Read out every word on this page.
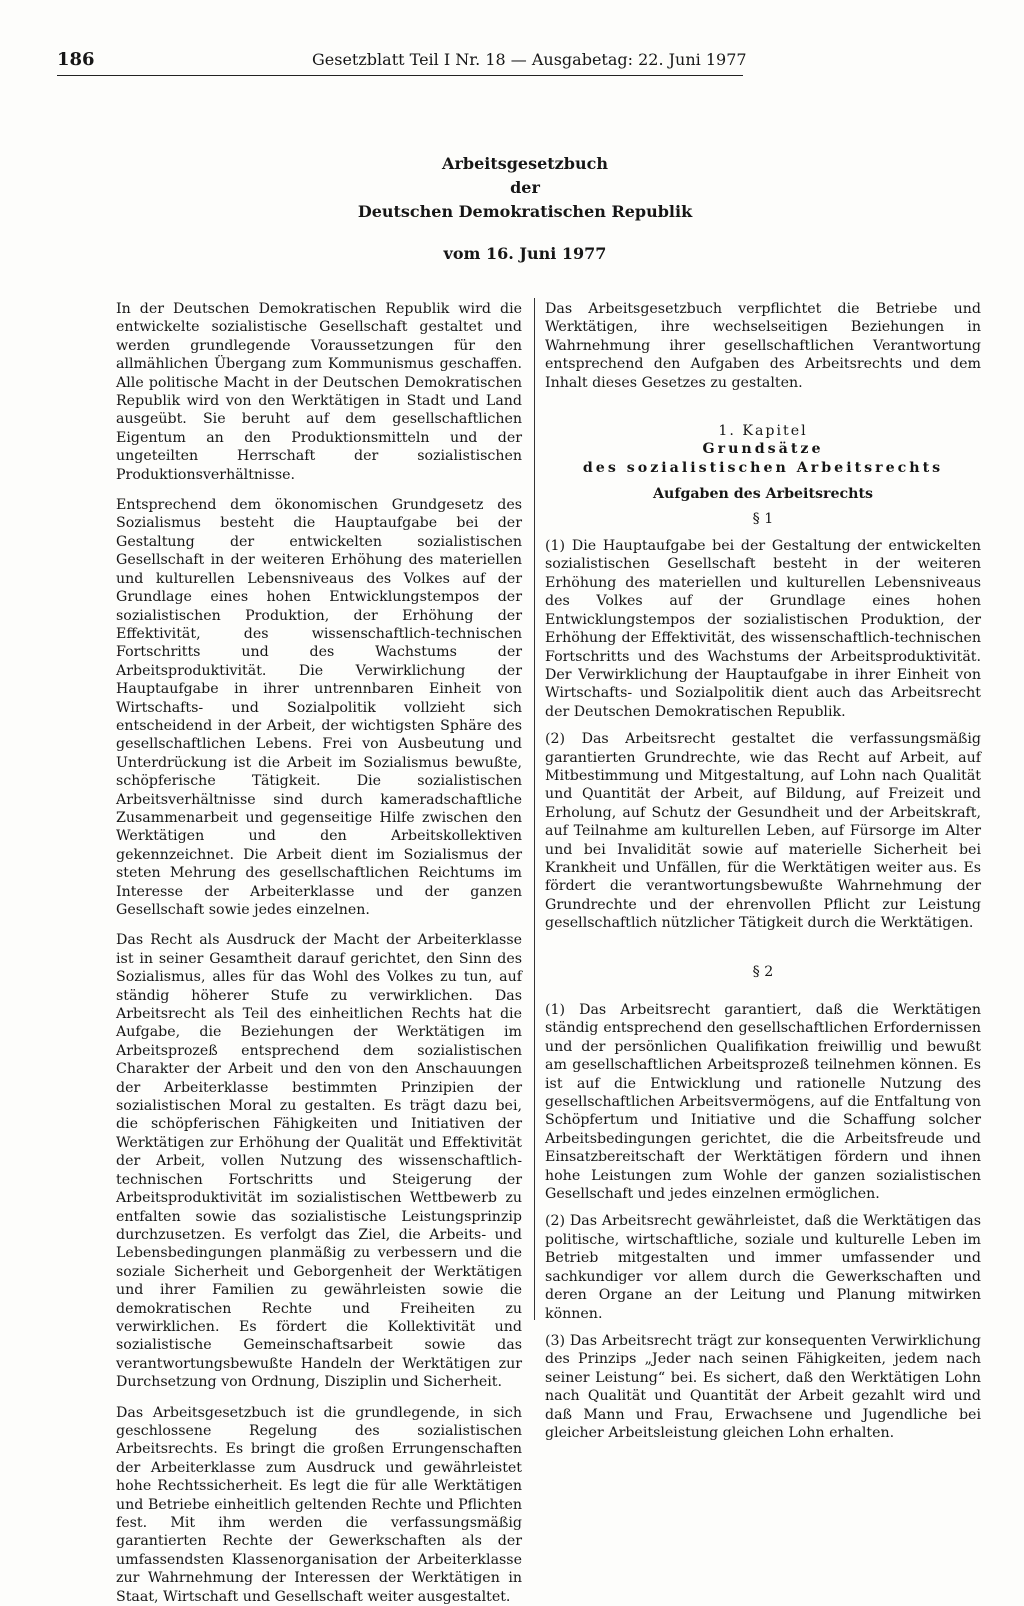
186	Gesetzblatt Teil I Nr. 18 — Ausgabetag: 22. Juni 1977
Arbeitsgesetzbuch
der
Deutschen Demokratischen Republik
vom 16. Juni 1977

In der Deutschen Demokratischen Republik wird die entwickelte sozialistische Gesellschaft gestaltet und werden grundlegende Voraussetzungen für den allmählichen Übergang zum Kommunismus geschaffen. Alle politische Macht in der Deutschen Demokratischen Republik wird von den Werktätigen in Stadt und Land ausgeübt. Sie beruht auf dem gesellschaftlichen Eigentum an den Produktionsmitteln und der ungeteilten Herrschaft der sozialistischen Produktionsverhältnisse.

Entsprechend dem ökonomischen Grundgesetz des Sozialismus besteht die Hauptaufgabe bei der Gestaltung der entwickelten sozialistischen Gesellschaft in der weiteren Erhöhung des materiellen und kulturellen Lebensniveaus des Volkes auf der Grundlage eines hohen Entwicklungstempos der sozialistischen Produktion, der Erhöhung der Effektivität, des wissenschaftlich-technischen Fortschritts und des Wachstums der Arbeitsproduktivität. Die Verwirklichung der Hauptaufgabe in ihrer untrennbaren Einheit von Wirtschafts- und Sozialpolitik vollzieht sich entscheidend in der Arbeit, der wichtigsten Sphäre des gesellschaftlichen Lebens. Frei von Ausbeutung und Unterdrückung ist die Arbeit im Sozialismus bewußte, schöpferische Tätigkeit. Die sozialistischen Arbeitsverhältnisse sind durch kameradschaftliche Zusammenarbeit und gegenseitige Hilfe zwischen den Werktätigen und den Arbeitskollektiven gekennzeichnet. Die Arbeit dient im Sozialismus der steten Mehrung des gesellschaftlichen Reichtums im Interesse der Arbeiterklasse und der ganzen Gesellschaft sowie jedes einzelnen.

Das Recht als Ausdruck der Macht der Arbeiterklasse ist in seiner Gesamtheit darauf gerichtet, den Sinn des Sozialismus, alles für das Wohl des Volkes zu tun, auf ständig höherer Stufe zu verwirklichen. Das Arbeitsrecht als Teil des einheitlichen Rechts hat die Aufgabe, die Beziehungen der Werktätigen im Arbeitsprozeß entsprechend dem sozialistischen Charakter der Arbeit und den von den Anschauungen der Arbeiterklasse bestimmten Prinzipien der sozialistischen Moral zu gestalten. Es trägt dazu bei, die schöpferischen Fähigkeiten und Initiativen der Werktätigen zur Erhöhung der Qualität und Effektivität der Arbeit, vollen Nutzung des wissenschaftlich-technischen Fortschritts und Steigerung der Arbeitsproduktivität im sozialistischen Wettbewerb zu entfalten sowie das sozialistische Leistungsprinzip durchzusetzen. Es verfolgt das Ziel, die Arbeits- und Lebensbedingungen planmäßig zu verbessern und die soziale Sicherheit und Geborgenheit der Werktätigen und ihrer Familien zu gewährleisten sowie die demokratischen Rechte und Freiheiten zu verwirklichen. Es fördert die Kollektivität und sozialistische Gemeinschaftsarbeit sowie das verantwortungsbewußte Handeln der Werktätigen zur Durchsetzung von Ordnung, Disziplin und Sicherheit.

Das Arbeitsgesetzbuch ist die grundlegende, in sich geschlossene Regelung des sozialistischen Arbeitsrechts. Es bringt die großen Errungenschaften der Arbeiterklasse zum Ausdruck und gewährleistet hohe Rechtssicherheit. Es legt die für alle Werktätigen und Betriebe einheitlich geltenden Rechte und Pflichten fest. Mit ihm werden die verfassungsmäßig garantierten Rechte der Gewerkschaften als der umfassendsten Klassenorganisation der Arbeiterklasse zur Wahrnehmung der Interessen der Werktätigen in Staat, Wirtschaft und Gesellschaft weiter ausgestaltet.

Das Arbeitsgesetzbuch verpflichtet die Betriebe und Werktätigen, ihre wechselseitigen Beziehungen in Wahrnehmung ihrer gesellschaftlichen Verantwortung entsprechend den Aufgaben des Arbeitsrechts und dem Inhalt dieses Gesetzes zu gestalten.

1. Kapitel

Grundsätze

des sozialistischen Arbeitsrechts

Aufgaben des Arbeitsrechts

§ 1

(1) Die Hauptaufgabe bei der Gestaltung der entwickelten sozialistischen Gesellschaft besteht in der weiteren Erhöhung des materiellen und kulturellen Lebensniveaus des Volkes auf der Grundlage eines hohen Entwicklungstempos der sozialistischen Produktion, der Erhöhung der Effektivität, des wissenschaftlich-technischen Fortschritts und des Wachstums der Arbeitsproduktivität. Der Verwirklichung der Hauptaufgabe in ihrer Einheit von Wirtschafts- und Sozialpolitik dient auch das Arbeitsrecht der Deutschen Demokratischen Republik.

(2) Das Arbeitsrecht gestaltet die verfassungsmäßig garantierten Grundrechte, wie das Recht auf Arbeit, auf Mitbestimmung und Mitgestaltung, auf Lohn nach Qualität und Quantität der Arbeit, auf Bildung, auf Freizeit und Erholung, auf Schutz der Gesundheit und der Arbeitskraft, auf Teilnahme am kulturellen Leben, auf Fürsorge im Alter und bei Invalidität sowie auf materielle Sicherheit bei Krankheit und Unfällen, für die Werktätigen weiter aus. Es fördert die verantwortungsbewußte Wahrnehmung der Grundrechte und der ehrenvollen Pflicht zur Leistung gesellschaftlich nützlicher Tätigkeit durch die Werktätigen.

§ 2

(1) Das Arbeitsrecht garantiert, daß die Werktätigen ständig entsprechend den gesellschaftlichen Erfordernissen und der persönlichen Qualifikation freiwillig und bewußt am gesellschaftlichen Arbeitsprozeß teilnehmen können. Es ist auf die Entwicklung und rationelle Nutzung des gesellschaftlichen Arbeitsvermögens, auf die Entfaltung von Schöpfertum und Initiative und die Schaffung solcher Arbeitsbedingungen gerichtet, die die Arbeitsfreude und Einsatzbereitschaft der Werktätigen fördern und ihnen hohe Leistungen zum Wohle der ganzen sozialistischen Gesellschaft und jedes einzelnen ermöglichen.

(2) Das Arbeitsrecht gewährleistet, daß die Werktätigen das politische, wirtschaftliche, soziale und kulturelle Leben im Betrieb mitgestalten und immer umfassender und sachkundiger vor allem durch die Gewerkschaften und deren Organe an der Leitung und Planung mitwirken können.

(3) Das Arbeitsrecht trägt zur konsequenten Verwirklichung des Prinzips „Jeder nach seinen Fähigkeiten, jedem nach seiner Leistung“ bei. Es sichert, daß den Werktätigen Lohn nach Qualität und Quantität der Arbeit gezahlt wird und daß Mann und Frau, Erwachsene und Jugendliche bei gleicher Arbeitsleistung gleichen Lohn erhalten.
